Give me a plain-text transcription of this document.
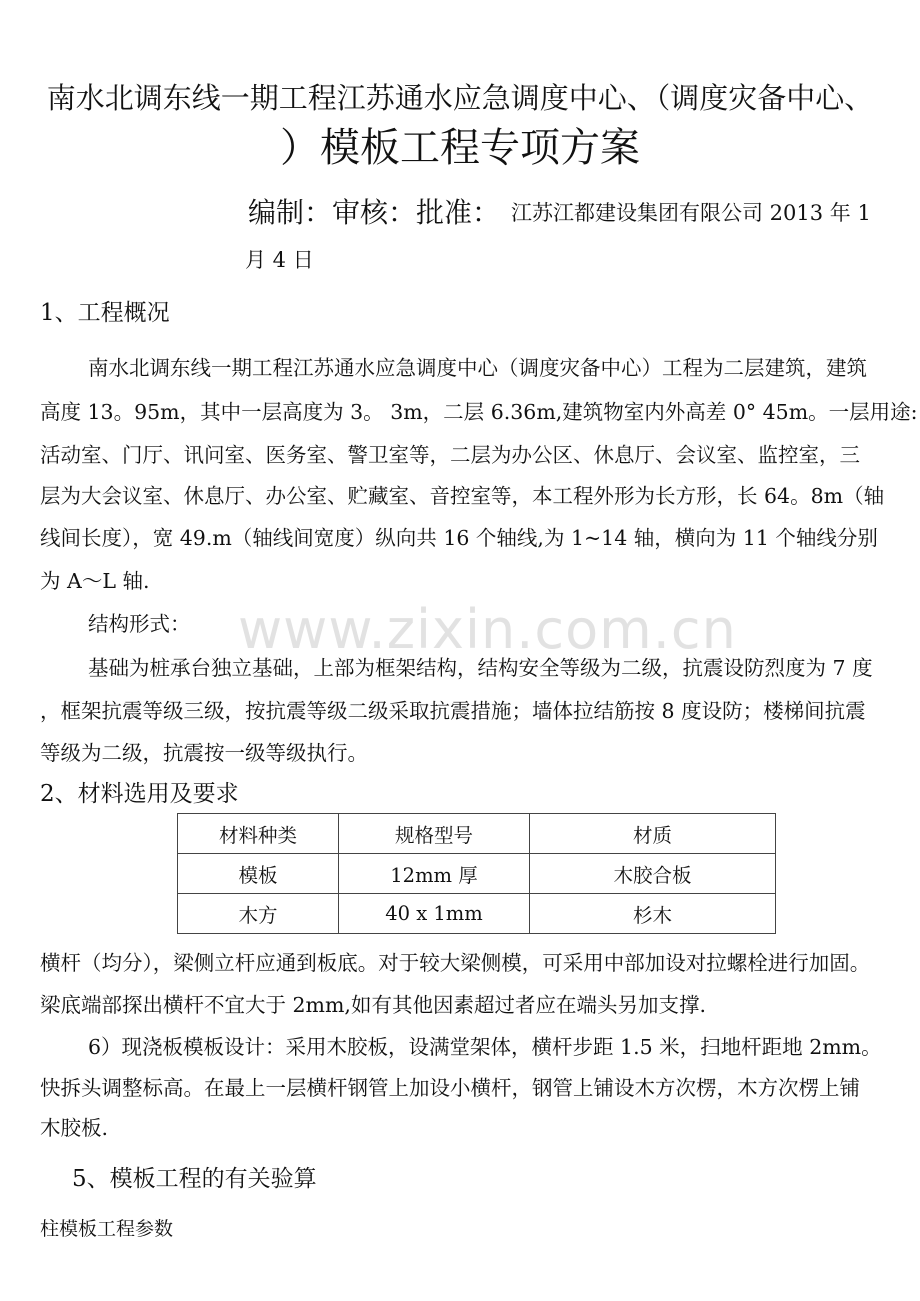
www.zixin.com.cn
南水北调东线一期工程江苏通水应急调度中心、（调度灾备中心、
）模板工程专项方案
编制：审核：批准： 江苏江都建设集团有限公司 2013 年 1
月 4 日
1、工程概况
南水北调东线一期工程江苏通水应急调度中心（调度灾备中心）工程为二层建筑，建筑
高度 13。95m，其中一层高度为 3。 3m，二层 6.36m,建筑物室内外高差 0° 45m。一层用途:
活动室、门厅、讯问室、医务室、警卫室等，二层为办公区、休息厅、会议室、监控室，三
层为大会议室、休息厅、办公室、贮藏室、音控室等，本工程外形为长方形，长 64。8m（轴
线间长度），宽 49.m（轴线间宽度）纵向共 16 个轴线,为 1~14 轴，横向为 11 个轴线分别
为 A～L 轴.
结构形式：
基础为桩承台独立基础，上部为框架结构，结构安全等级为二级，抗震设防烈度为 7 度
，框架抗震等级三级，按抗震等级二级采取抗震措施；墙体拉结筋按 8 度设防；楼梯间抗震
等级为二级，抗震按一级等级执行。
2、材料选用及要求
材料种类	规格型号	材质
模板	12mm 厚	木胶合板
木方	40 x 1mm	杉木
横杆（均分），梁侧立杆应通到板底。对于较大梁侧模，可采用中部加设对拉螺栓进行加固。
梁底端部探出横杆不宜大于 2mm,如有其他因素超过者应在端头另加支撑.
6）现浇板模板设计：采用木胶板，设满堂架体，横杆步距 1.5 米，扫地杆距地 2mm。
快拆头调整标高。在最上一层横杆钢管上加设小横杆，钢管上铺设木方次楞，木方次楞上铺
木胶板.
5、模板工程的有关验算
柱模板工程参数
